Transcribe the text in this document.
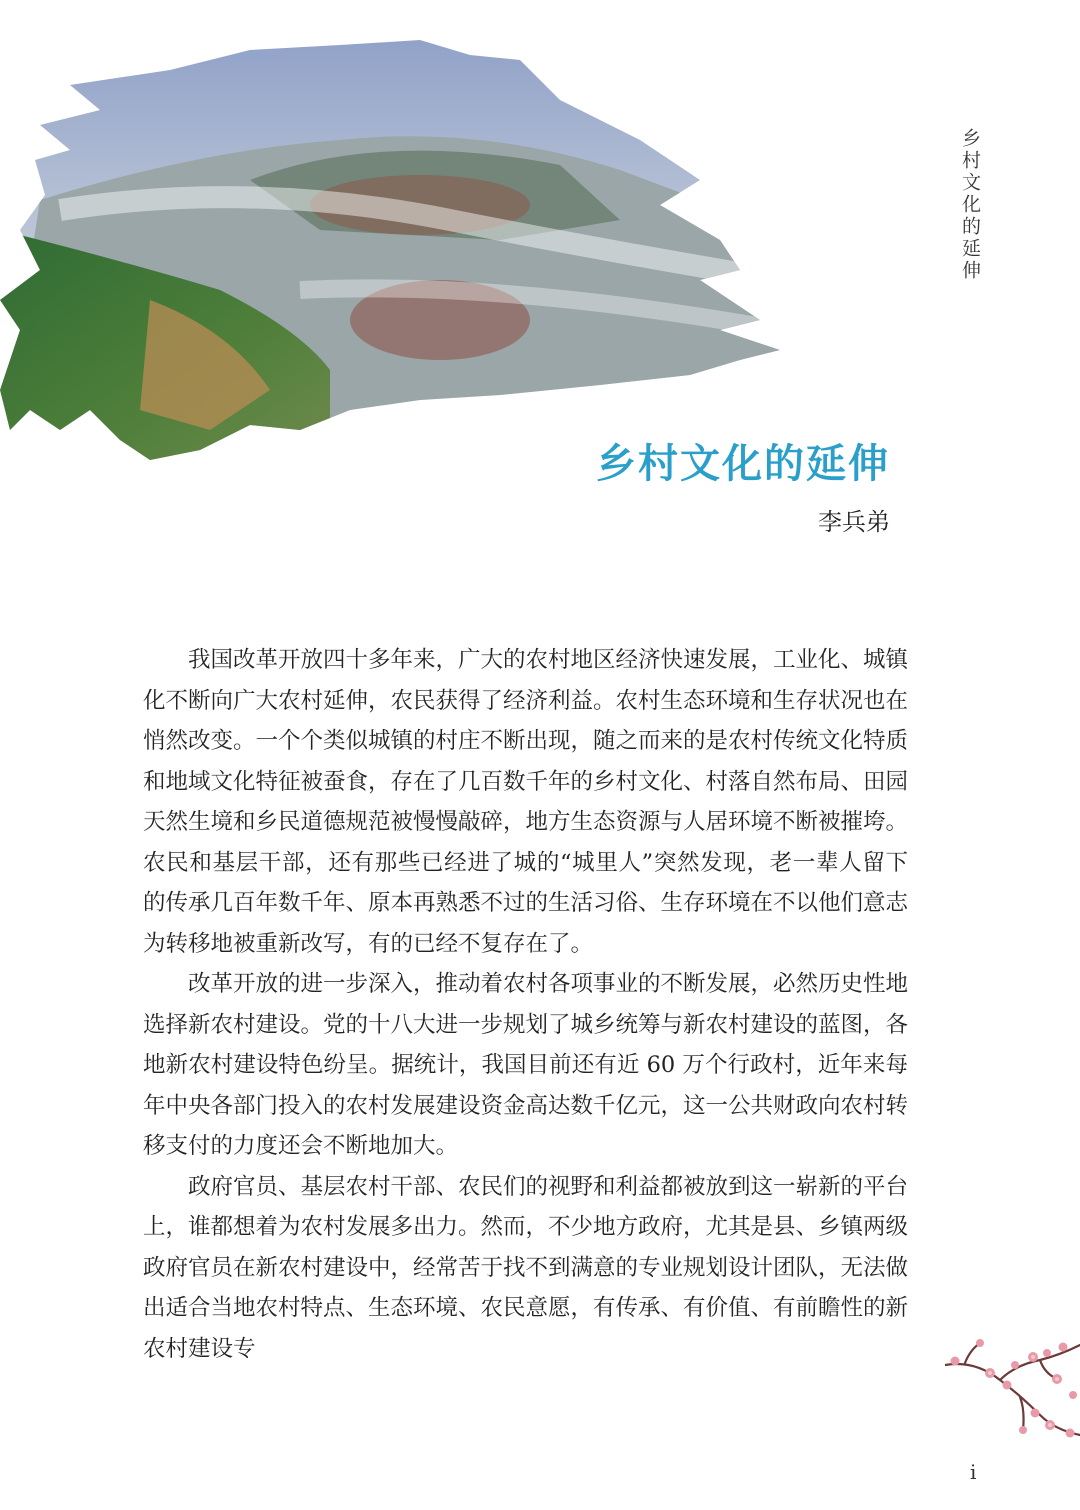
乡村文化的延伸
乡村文化的延伸

李兵弟

我国改革开放四十多年来，广大的农村地区经济快速发展，工业化、城镇化不断向广大农村延伸，农民获得了经济利益。农村生态环境和生存状况也在悄然改变。一个个类似城镇的村庄不断出现，随之而来的是农村传统文化特质和地域文化特征被蚕食，存在了几百数千年的乡村文化、村落自然布局、田园天然生境和乡民道德规范被慢慢敲碎，地方生态资源与人居环境不断被摧垮。农民和基层干部，还有那些已经进了城的“城里人”突然发现，老一辈人留下的传承几百年数千年、原本再熟悉不过的生活习俗、生存环境在不以他们意志为转移地被重新改写，有的已经不复存在了。

改革开放的进一步深入，推动着农村各项事业的不断发展，必然历史性地选择新农村建设。党的十八大进一步规划了城乡统筹与新农村建设的蓝图，各地新农村建设特色纷呈。据统计，我国目前还有近 60 万个行政村，近年来每年中央各部门投入的农村发展建设资金高达数千亿元，这一公共财政向农村转移支付的力度还会不断地加大。

政府官员、基层农村干部、农民们的视野和利益都被放到这一崭新的平台上，谁都想着为农村发展多出力。然而，不少地方政府，尤其是县、乡镇两级政府官员在新农村建设中，经常苦于找不到满意的专业规划设计团队，无法做出适合当地农村特点、生态环境、农民意愿，有传承、有价值、有前瞻性的新农村建设专

i
